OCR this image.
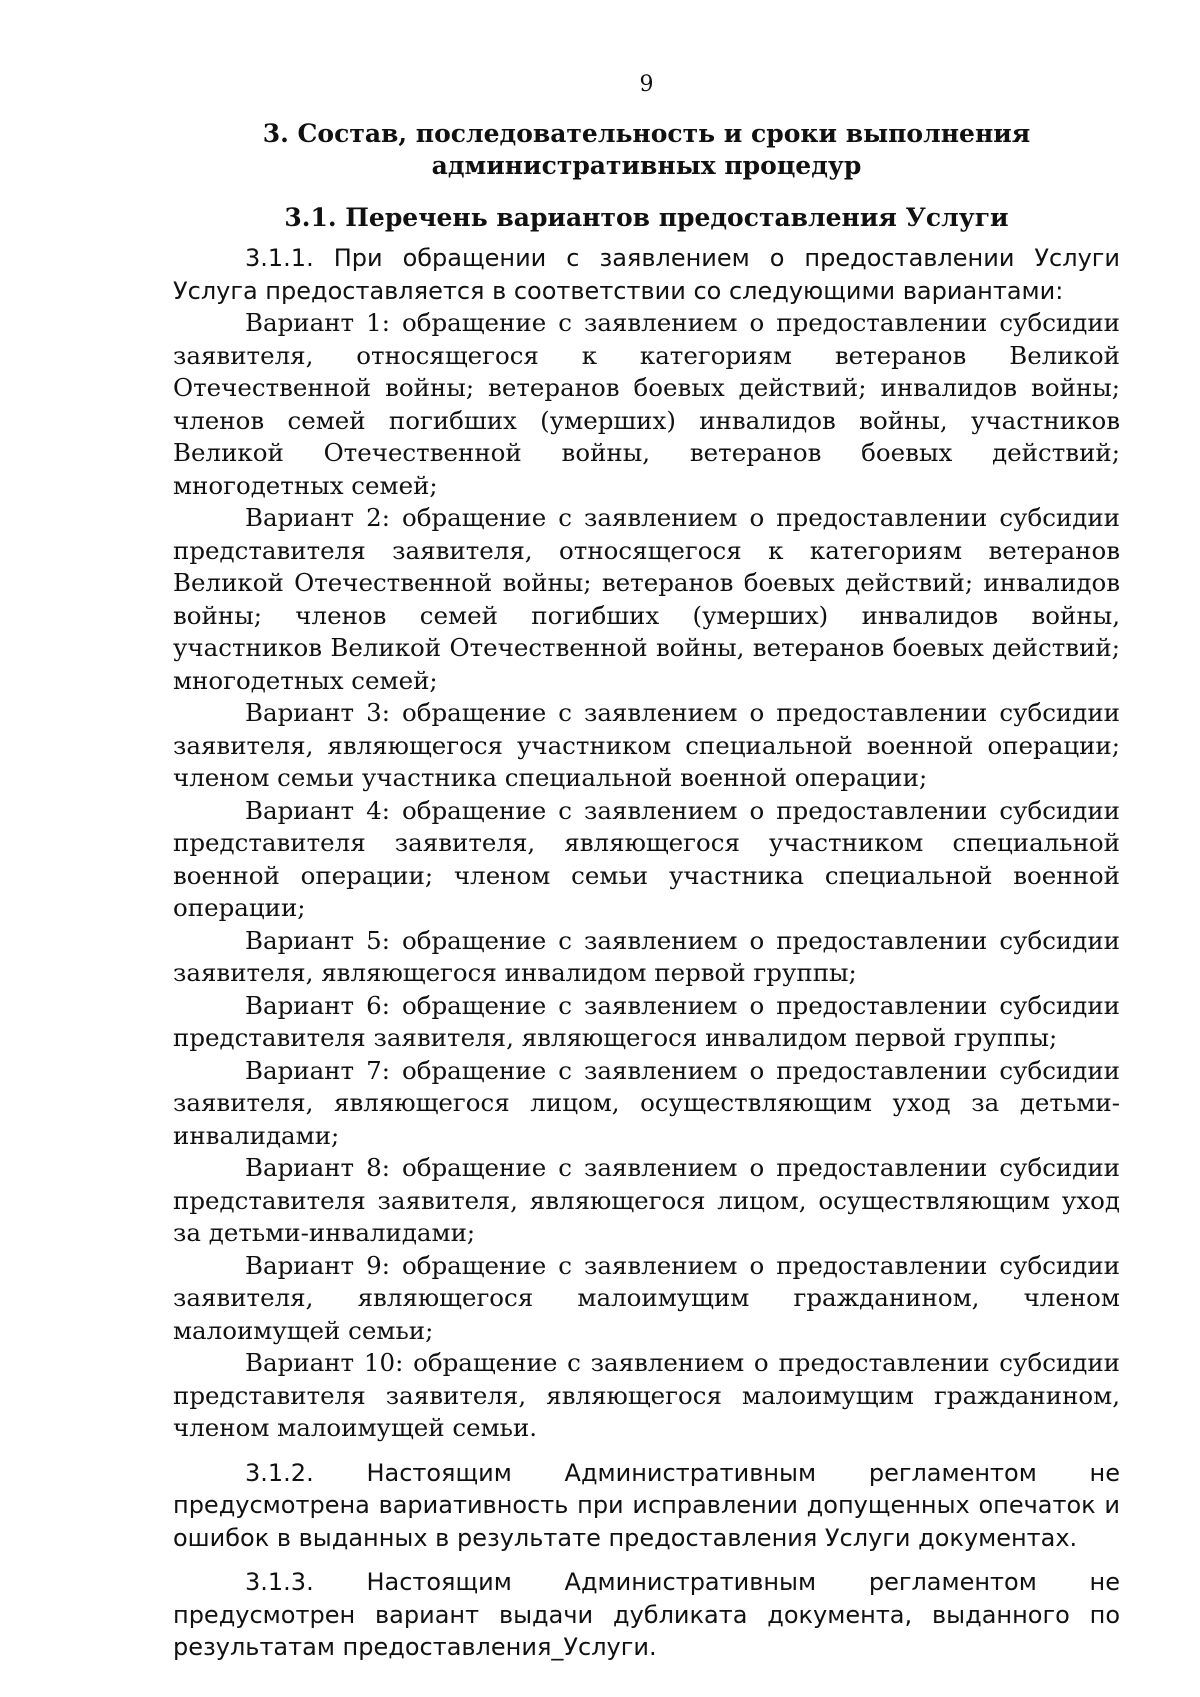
9
3. Состав, последовательность и сроки выполнения административных процедур
3.1. Перечень вариантов предоставления Услуги

3.1.1. При обращении с заявлением о предоставлении Услуги Услуга предоставляется в соответствии со следующими вариантами:

Вариант 1: обращение с заявлением о предоставлении субсидии заявителя, относящегося к категориям ветеранов Великой Отечественной войны; ветеранов боевых действий; инвалидов войны; членов семей погибших (умерших) инвалидов войны, участников Великой Отечественной войны, ветеранов боевых действий; многодетных семей;

Вариант 2: обращение с заявлением о предоставлении субсидии представителя заявителя, относящегося к категориям ветеранов Великой Отечественной войны; ветеранов боевых действий; инвалидов войны; членов семей погибших (умерших) инвалидов войны, участников Великой Отечественной войны, ветеранов боевых действий; многодетных семей;

Вариант 3: обращение с заявлением о предоставлении субсидии заявителя, являющегося участником специальной военной операции; членом семьи участника специальной военной операции;

Вариант 4: обращение с заявлением о предоставлении субсидии представителя заявителя, являющегося участником специальной военной операции; членом семьи участника специальной военной операции;

Вариант 5: обращение с заявлением о предоставлении субсидии заявителя, являющегося инвалидом первой группы;

Вариант 6: обращение с заявлением о предоставлении субсидии представителя заявителя, являющегося инвалидом первой группы;

Вариант 7: обращение с заявлением о предоставлении субсидии заявителя, являющегося лицом, осуществляющим уход за детьми-инвалидами;

Вариант 8: обращение с заявлением о предоставлении субсидии представителя заявителя, являющегося лицом, осуществляющим уход за детьми-инвалидами;

Вариант 9: обращение с заявлением о предоставлении субсидии заявителя, являющегося малоимущим гражданином, членом малоимущей семьи;

Вариант 10: обращение с заявлением о предоставлении субсидии представителя заявителя, являющегося малоимущим гражданином, членом малоимущей семьи.

3.1.2. Настоящим Административным регламентом не предусмотрена вариативность при исправлении допущенных опечаток и ошибок в выданных в результате предоставления Услуги документах.

3.1.3. Настоящим Административным регламентом не предусмотрен вариант выдачи дубликата документа, выданного по результатам предоставления_Услуги.
